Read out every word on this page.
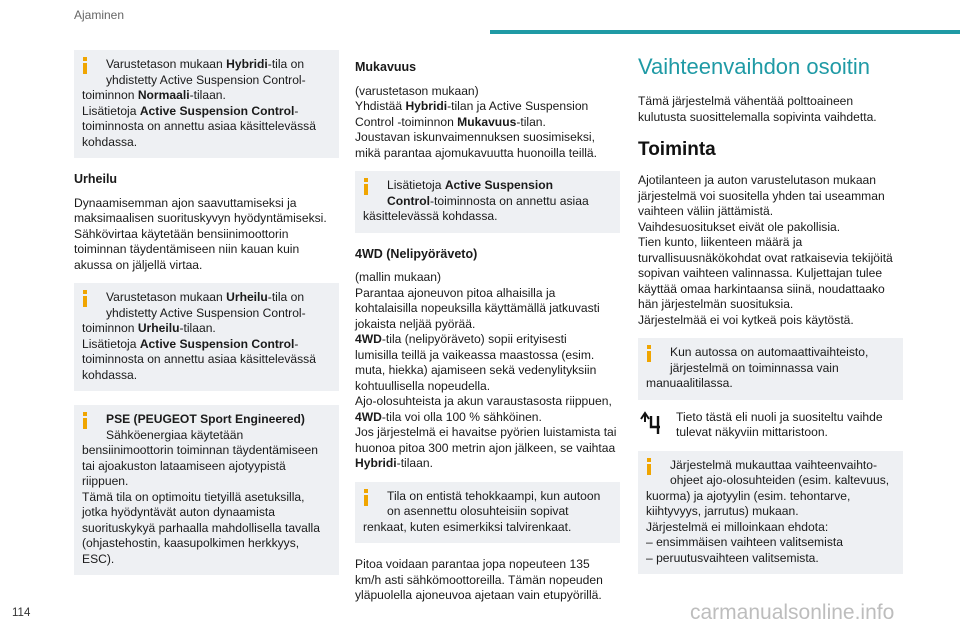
Ajaminen
Varustetason mukaan Hybridi-tila on
yhdistetty Active Suspension Control-
toiminnon Normaali-tilaan.
Lisätietoja Active Suspension Control-
toiminnosta on annettu asiaa käsittelevässä
kohdassa.
Urheilu
Dynaamisemman ajon saavuttamiseksi ja
maksimaalisen suorituskyvyn hyödyntämiseksi.
Sähkövirtaa käytetään bensiinimoottorin
toiminnan täydentämiseen niin kauan kuin
akussa on jäljellä virtaa.
Varustetason mukaan Urheilu-tila on
yhdistetty Active Suspension Control-
toiminnon Urheilu-tilaan.
Lisätietoja Active Suspension Control-
toiminnosta on annettu asiaa käsittelevässä
kohdassa.
PSE (PEUGEOT Sport Engineered)
Sähköenergiaa käytetään
bensiinimoottorin toiminnan täydentämiseen
tai ajoakuston lataamiseen ajotyypistä
riippuen.
Tämä tila on optimoitu tietyillä asetuksilla,
jotka hyödyntävät auton dynaamista
suorituskykyä parhaalla mahdollisella tavalla
(ohjastehostin, kaasupolkimen herkkyys,
ESC).
Mukavuus
(varustetason mukaan)
Yhdistää Hybridi-tilan ja Active Suspension
Control -toiminnon Mukavuus-tilan.
Joustavan iskunvaimennuksen suosimiseksi,
mikä parantaa ajomukavuutta huonoilla teillä.
Lisätietoja Active Suspension
Control-toiminnosta on annettu asiaa
käsittelevässä kohdassa.
4WD (Nelipyöräveto)
(mallin mukaan)
Parantaa ajoneuvon pitoa alhaisilla ja
kohtalaisilla nopeuksilla käyttämällä jatkuvasti
jokaista neljää pyörää.
4WD-tila (nelipyöräveto) sopii erityisesti
lumisilla teillä ja vaikeassa maastossa (esim.
muta, hiekka) ajamiseen sekä vedenylityksiin
kohtuullisella nopeudella.
Ajo-olosuhteista ja akun varaustasosta riippuen,
4WD-tila voi olla 100 % sähköinen.
Jos järjestelmä ei havaitse pyörien luistamista tai
huonoa pitoa 300 metrin ajon jälkeen, se vaihtaa
Hybridi-tilaan.
Tila on entistä tehokkaampi, kun autoon
on asennettu olosuhteisiin sopivat
renkaat, kuten esimerkiksi talvirenkaat.
Pitoa voidaan parantaa jopa nopeuteen 135
km/h asti sähkömoottoreilla. Tämän nopeuden
yläpuolella ajoneuvoa ajetaan vain etupyörillä.
Vaihteenvaihdon osoitin
Tämä järjestelmä vähentää polttoaineen
kulutusta suosittelemalla sopivinta vaihdetta.
Toiminta
Ajotilanteen ja auton varustelutason mukaan
järjestelmä voi suositella yhden tai useamman
vaihteen väliin jättämistä.
Vaihdesuositukset eivät ole pakollisia.
Tien kunto, liikenteen määrä ja
turvallisuusnäkökohdat ovat ratkaisevia tekijöitä
sopivan vaihteen valinnassa. Kuljettajan tulee
käyttää omaa harkintaansa siinä, noudattaako
hän järjestelmän suosituksia.
Järjestelmää ei voi kytkeä pois käytöstä.
Kun autossa on automaattivaihteisto,
järjestelmä on toiminnassa vain
manuaalitilassa.
Tieto tästä eli nuoli ja suositeltu vaihde
tulevat näkyviin mittaristoon.
Järjestelmä mukauttaa vaihteenvaihto-
ohjeet ajo-olosuhteiden (esim. kaltevuus,
kuorma) ja ajotyylin (esim. tehontarve,
kiihtyvyys, jarrutus) mukaan.
Järjestelmä ei milloinkaan ehdota:
– ensimmäisen vaihteen valitsemista
– peruutusvaihteen valitsemista.
114	carmanualsonline.info
